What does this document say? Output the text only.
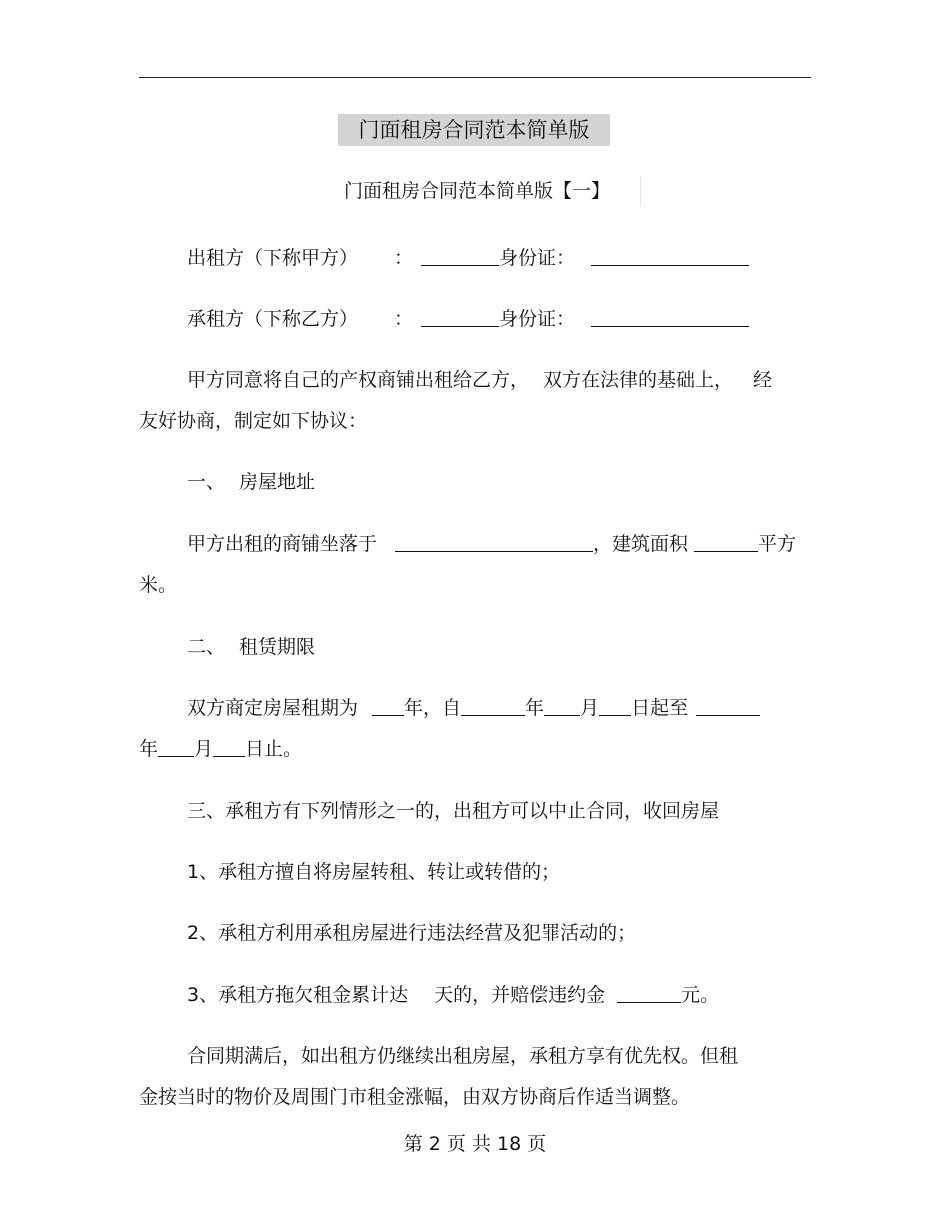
门面租房合同范本简单版
门面租房合同范本简单版【一】
出租方（下称甲方） ：	身份证：
承租方（下称乙方） ：	身份证：
甲方同意将自己的产权商铺出租给乙方， 双方在法律的基础上， 经
友好协商，制定如下协议：
一、 房屋地址
甲方出租的商铺坐落于	，建筑面积	平方
米。
二、 租赁期限
双方商定房屋租期为 年，自	年 月 日起至
年 月 日止。
三、承租方有下列情形之一的，出租方可以中止合同，收回房屋
1、承租方擅自将房屋转租、转让或转借的；
2、承租方利用承租房屋进行违法经营及犯罪活动的；
3、承租方拖欠租金累计达 天的，并赔偿违约金	元。
合同期满后，如出租方仍继续出租房屋，承租方享有优先权。但租
金按当时的物价及周围门市租金涨幅，由双方协商后作适当调整。
第 2 页 共 18 页
